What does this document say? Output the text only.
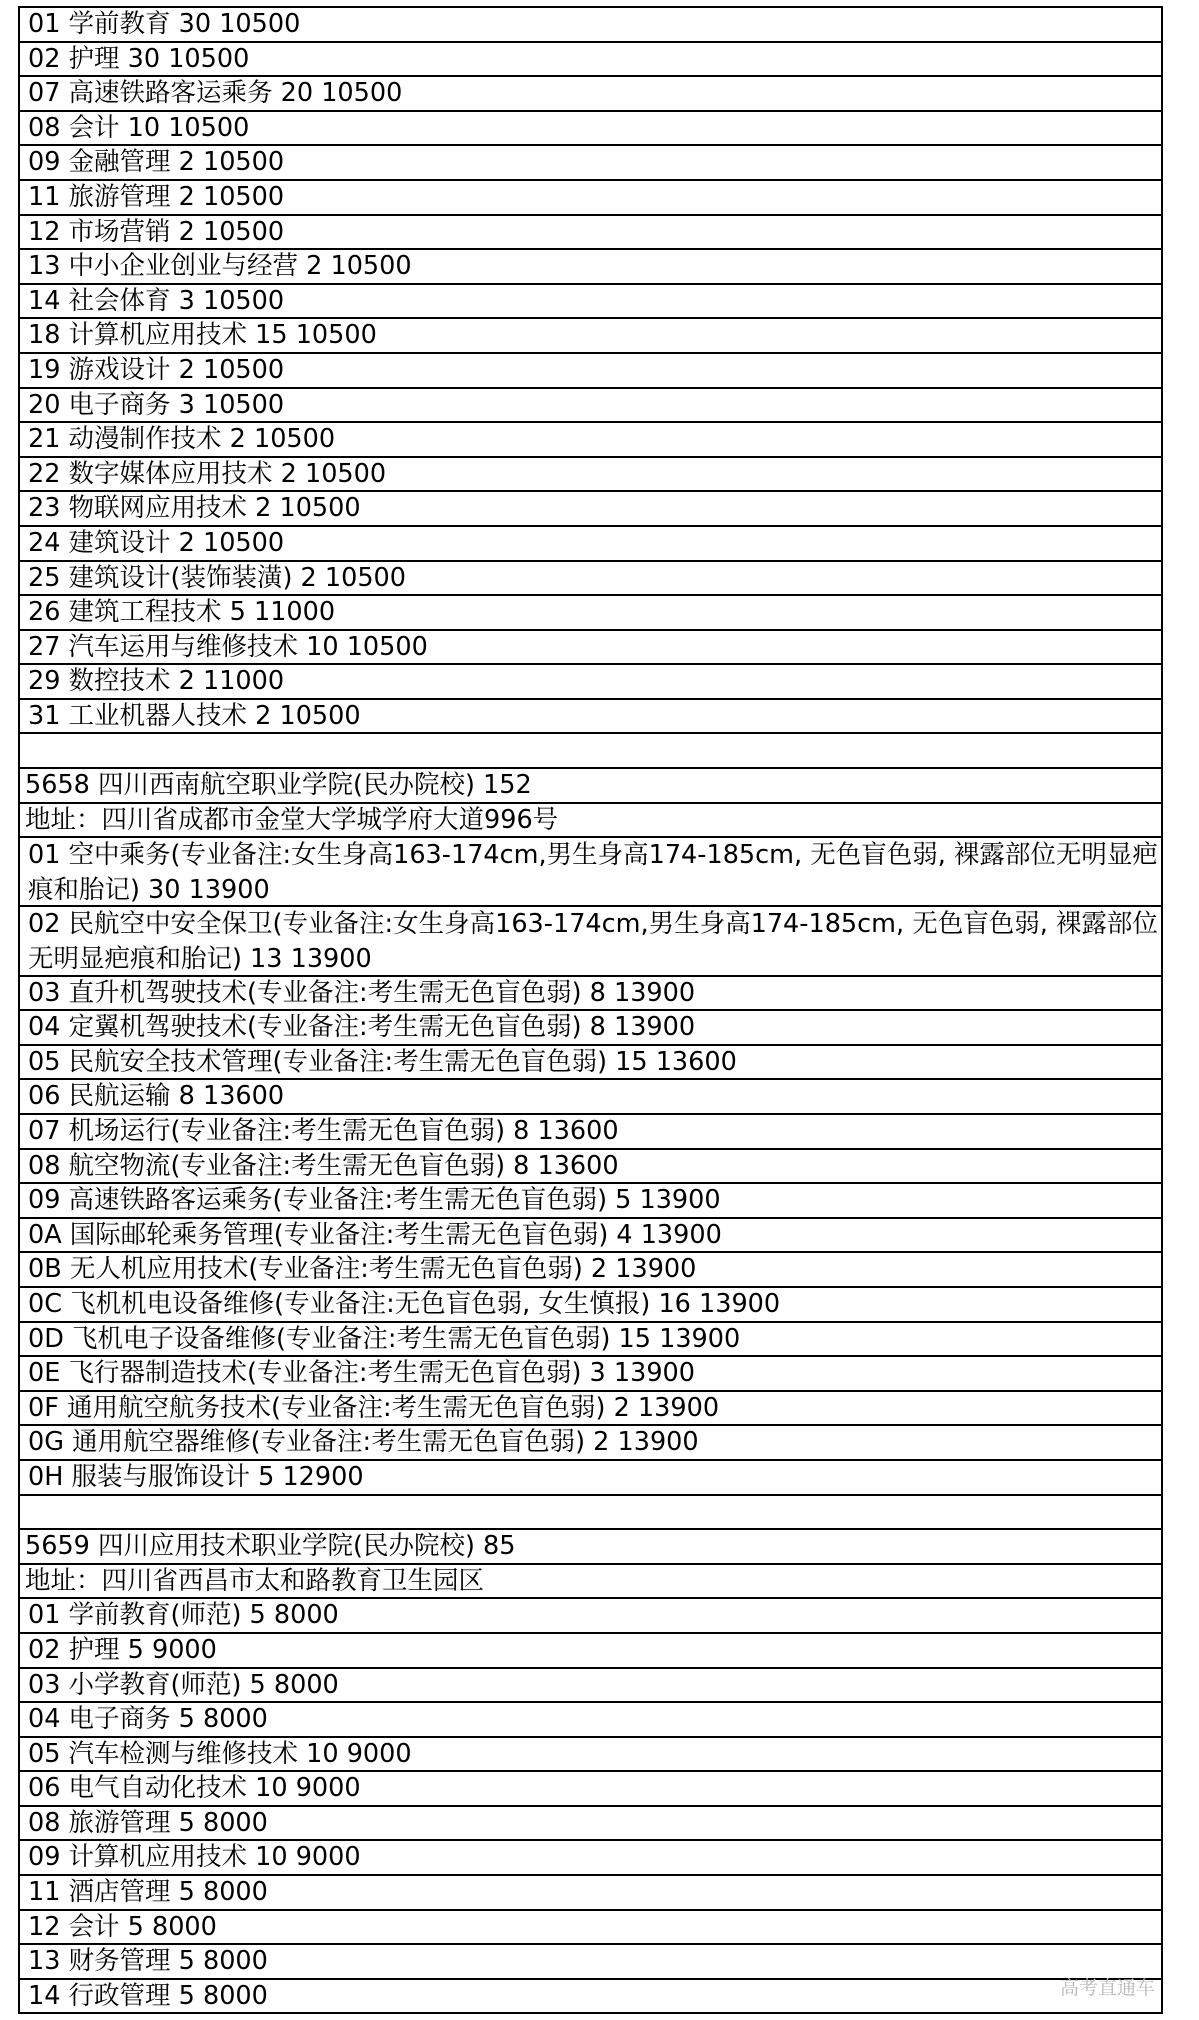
01 学前教育 30 10500
02 护理 30 10500
07 高速铁路客运乘务 20 10500
08 会计 10 10500
09 金融管理 2 10500
11 旅游管理 2 10500
12 市场营销 2 10500
13 中小企业创业与经营 2 10500
14 社会体育 3 10500
18 计算机应用技术 15 10500
19 游戏设计 2 10500
20 电子商务 3 10500
21 动漫制作技术 2 10500
22 数字媒体应用技术 2 10500
23 物联网应用技术 2 10500
24 建筑设计 2 10500
25 建筑设计(装饰装潢) 2 10500
26 建筑工程技术 5 11000
27 汽车运用与维修技术 10 10500
29 数控技术 2 11000
31 工业机器人技术 2 10500
5658 四川西南航空职业学院(民办院校) 152
地址：四川省成都市金堂大学城学府大道996号
01 空中乘务(专业备注:女生身高163-174cm,男生身高174-185cm, 无色盲色弱, 裸露部位无明显疤痕和胎记) 30 13900
02 民航空中安全保卫(专业备注:女生身高163-174cm,男生身高174-185cm, 无色盲色弱, 裸露部位无明显疤痕和胎记) 13 13900
03 直升机驾驶技术(专业备注:考生需无色盲色弱) 8 13900
04 定翼机驾驶技术(专业备注:考生需无色盲色弱) 8 13900
05 民航安全技术管理(专业备注:考生需无色盲色弱) 15 13600
06 民航运输 8 13600
07 机场运行(专业备注:考生需无色盲色弱) 8 13600
08 航空物流(专业备注:考生需无色盲色弱) 8 13600
09 高速铁路客运乘务(专业备注:考生需无色盲色弱) 5 13900
0A 国际邮轮乘务管理(专业备注:考生需无色盲色弱) 4 13900
0B 无人机应用技术(专业备注:考生需无色盲色弱) 2 13900
0C 飞机机电设备维修(专业备注:无色盲色弱, 女生慎报) 16 13900
0D 飞机电子设备维修(专业备注:考生需无色盲色弱) 15 13900
0E 飞行器制造技术(专业备注:考生需无色盲色弱) 3 13900
0F 通用航空航务技术(专业备注:考生需无色盲色弱) 2 13900
0G 通用航空器维修(专业备注:考生需无色盲色弱) 2 13900
0H 服装与服饰设计 5 12900
5659 四川应用技术职业学院(民办院校) 85
地址：四川省西昌市太和路教育卫生园区
01 学前教育(师范) 5 8000
02 护理 5 9000
03 小学教育(师范) 5 8000
04 电子商务 5 8000
05 汽车检测与维修技术 10 9000
06 电气自动化技术 10 9000
08 旅游管理 5 8000
09 计算机应用技术 10 9000
11 酒店管理 5 8000
12 会计 5 8000
13 财务管理 5 8000
14 行政管理 5 8000	高考直通车
